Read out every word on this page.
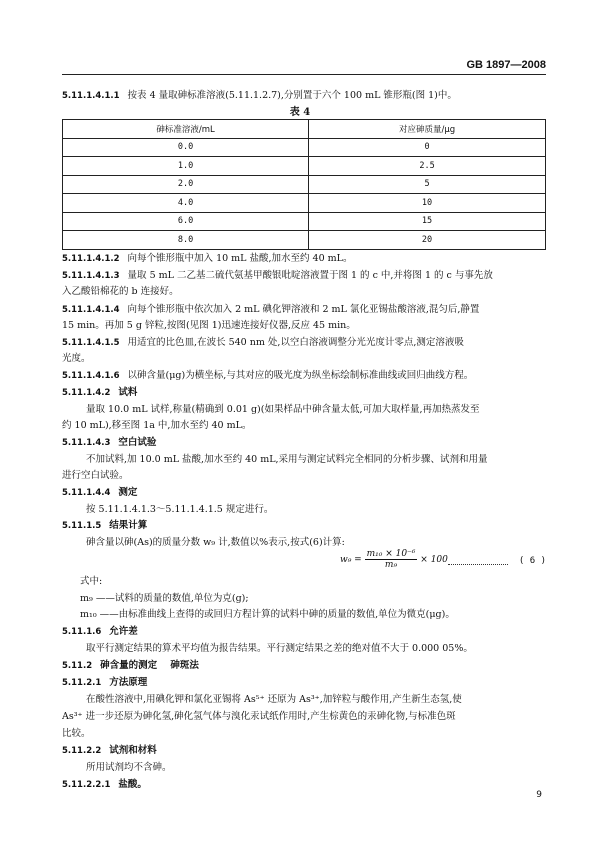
GB 1897—2008
5.11.1.4.1.1 按表 4 量取砷标准溶液(5.11.1.2.7),分别置于六个 100 mL 锥形瓶(图 1)中。
表 4
砷标准溶液/mL	对应砷质量/μg
0.0	0
1.0	2.5
2.0	5
4.0	10
6.0	15
8.0	20
5.11.1.4.1.2 向每个锥形瓶中加入 10 mL 盐酸,加水至约 40 mL。
5.11.1.4.1.3 量取 5 mL 二乙基二硫代氨基甲酸银吡啶溶液置于图 1 的 c 中,并将图 1 的 c 与事先放
入乙酸铅棉花的 b 连接好。
5.11.1.4.1.4 向每个锥形瓶中依次加入 2 mL 碘化钾溶液和 2 mL 氯化亚锡盐酸溶液,混匀后,静置
15 min。再加 5 g 锌粒,按图(见图 1)迅速连接好仪器,反应 45 min。
5.11.1.4.1.5 用适宜的比色皿,在波长 540 nm 处,以空白溶液调整分光光度计零点,测定溶液吸
光度。
5.11.1.4.1.6 以砷含量(μg)为横坐标,与其对应的吸光度为纵坐标绘制标准曲线或回归曲线方程。
5.11.1.4.2 试料
量取 10.0 mL 试样,称量(精确到 0.01 g)(如果样品中砷含量太低,可加大取样量,再加热蒸发至
约 10 mL),移至图 1a 中,加水至约 40 mL。
5.11.1.4.3 空白试验
不加试料,加 10.0 mL 盐酸,加水至约 40 mL,采用与测定试料完全相同的分析步骤、试剂和用量
进行空白试验。
5.11.1.4.4 测定
按 5.11.1.4.1.3～5.11.1.4.1.5 规定进行。
5.11.1.5 结果计算
砷含量以砷(As)的质量分数 w₉ 计,数值以%表示,按式(6)计算:
$w_9 = \frac{\text{m₁₀ × 10⁻⁶}}{\text{m₉}} \times 100$	( 6 )
式中:
m₉ ——试料的质量的数值,单位为克(g);
m₁₀ ——由标准曲线上查得的或回归方程计算的试料中砷的质量的数值,单位为微克(μg)。
5.11.1.6 允许差
取平行测定结果的算术平均值为报告结果。平行测定结果之差的绝对值不大于 0.000 05%。
5.11.2 砷含量的测定    砷斑法
5.11.2.1 方法原理
在酸性溶液中,用碘化钾和氯化亚锡将 As⁵⁺ 还原为 As³⁺,加锌粒与酸作用,产生新生态氢,使
As³⁺ 进一步还原为砷化氢,砷化氢气体与溴化汞试纸作用时,产生棕黄色的汞砷化物,与标准色斑
比较。
5.11.2.2 试剂和材料
所用试剂均不含砷。
5.11.2.2.1 盐酸。
9
